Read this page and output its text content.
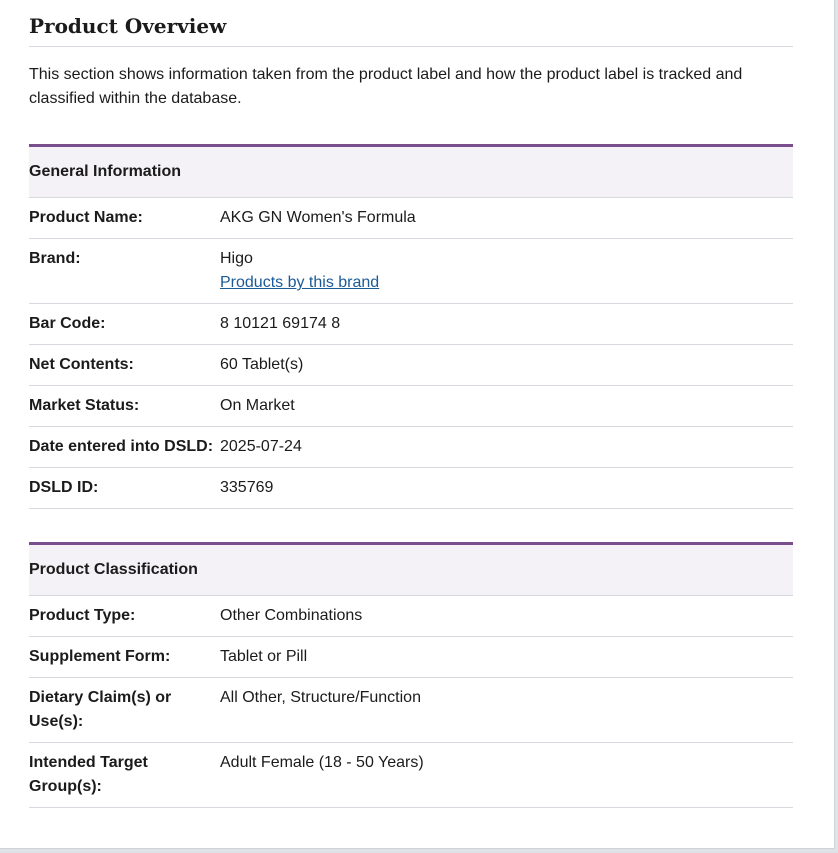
Product Overview

This section shows information taken from the product label and how the product label is tracked and classified within the database.

General Information	
Product Name:	AKG GN Women's Formula
Brand:	Higo
Products by this brand
Bar Code:	8 10121 69174 8
Net Contents:	60 Tablet(s)
Market Status:	On Market
Date entered into DSLD:	2025-07-24
DSLD ID:	335769
Product Classification	
Product Type:	Other Combinations
Supplement Form:	Tablet or Pill
Dietary Claim(s) or Use(s):	All Other, Structure/Function
Intended Target Group(s):	Adult Female (18 - 50 Years)
